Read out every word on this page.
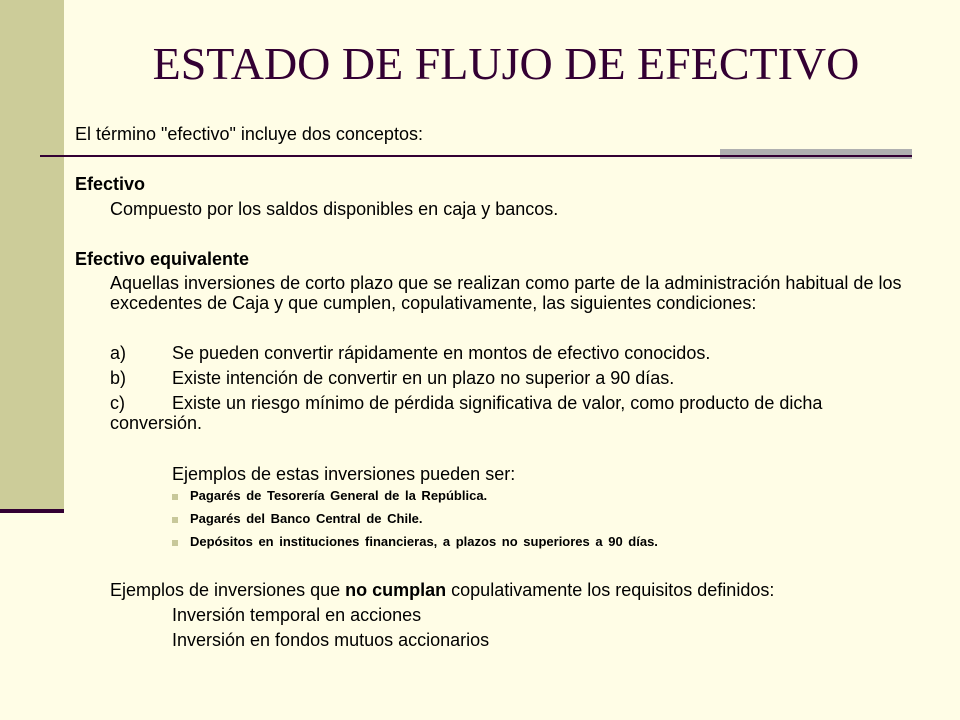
ESTADO DE FLUJO DE EFECTIVO

El término "efectivo" incluye dos conceptos:

Efectivo

Compuesto por los saldos disponibles en caja y bancos.

Efectivo equivalente

Aquellas inversiones de corto plazo que se realizan como parte de la administración habitual de los excedentes de Caja y que cumplen, copulativamente, las siguientes condiciones:

a)	Se pueden convertir rápidamente en montos de efectivo conocidos.

b)	Existe intención de convertir en un plazo no superior a 90 días.

c)	Existe un riesgo mínimo de pérdida significativa de valor, como producto de dicha conversión.

Ejemplos de estas inversiones pueden ser:

Pagarés de Tesorería General de la República.

Pagarés del Banco Central de Chile.

Depósitos en instituciones financieras, a plazos no superiores a 90 días.

Ejemplos de inversiones que no cumplan copulativamente los requisitos definidos:

Inversión temporal en acciones

Inversión en fondos mutuos accionarios
